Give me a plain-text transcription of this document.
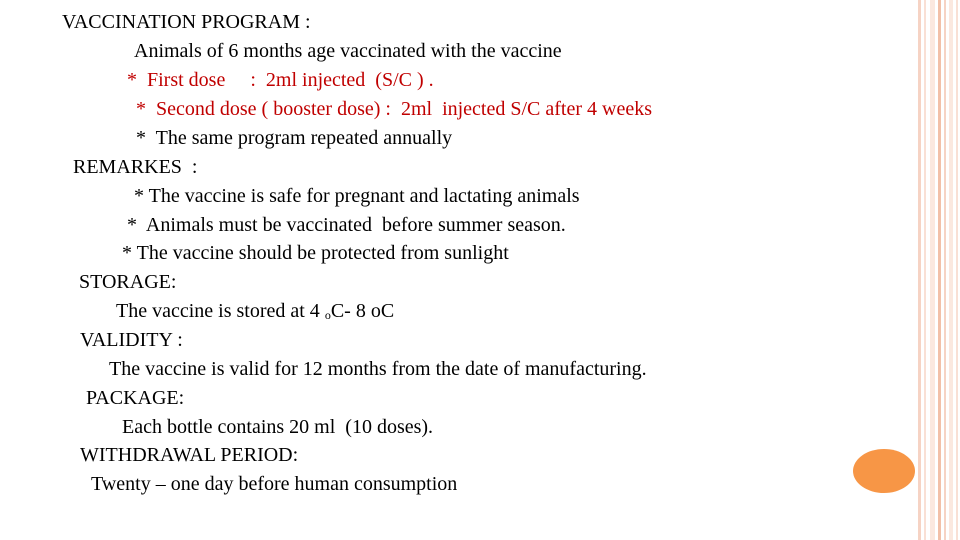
VACCINATION PROGRAM :
Animals of 6 months age vaccinated with the vaccine
*  First dose     :  2ml injected  (S/C ) .
*  Second dose ( booster dose) :  2ml  injected S/C after 4 weeks
*  The same program repeated annually
REMARKES  :
* The vaccine is safe for pregnant and lactating animals
*  Animals must be vaccinated  before summer season.
* The vaccine should be protected from sunlight
STORAGE:
The vaccine is stored at 4 oC- 8 oC
VALIDITY :
The vaccine is valid for 12 months from the date of manufacturing.
PACKAGE:
Each bottle contains 20 ml  (10 doses).
WITHDRAWAL PERIOD:
Twenty – one day before human consumption
